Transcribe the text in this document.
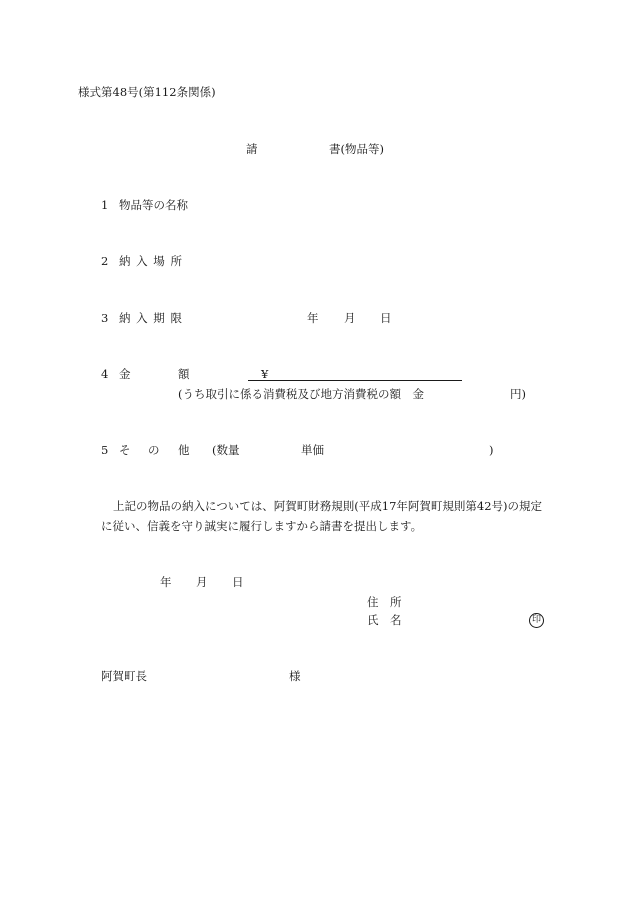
様式第48号(第112条関係)
請	書(物品等)
1 物品等の名称
2 納 入 場 所
3 納 入 期 限	年 月 日
4 金	額	¥
(うち取引に係る消費税及び地方消費税の額　金	円)
5 そ の 他 (数量	単価	)
上記の物品の納入については、阿賀町財務規則(平成17年阿賀町規則第42号)の規定
に従い、信義を守り誠実に履行しますから請書を提出します。
年 月 日
住　所
氏　名	印
阿賀町長	様
